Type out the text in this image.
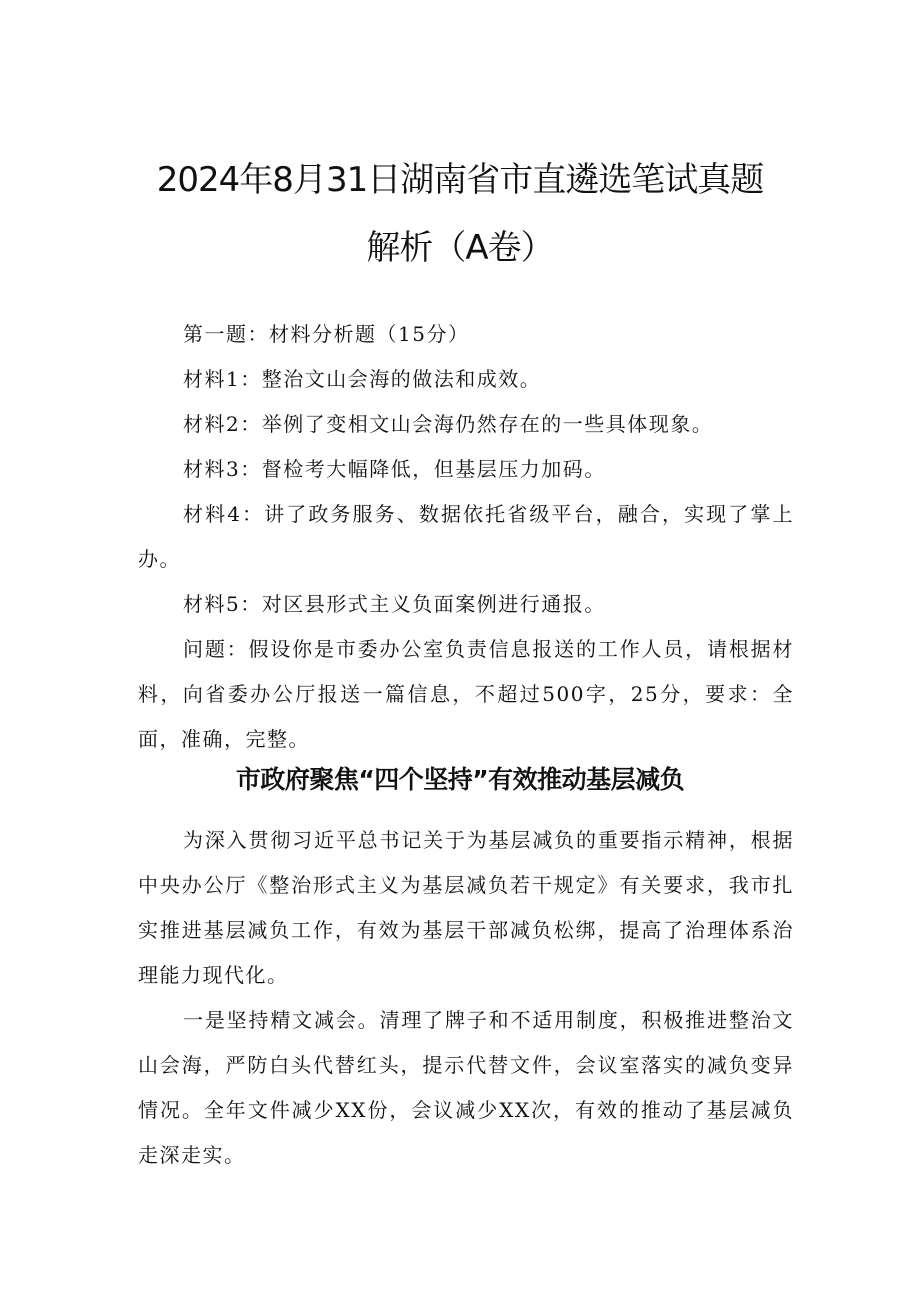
2024年8月31日湖南省市直遴选笔试真题
解析（A卷）

第一题：材料分析题（15分）

材料1：整治文山会海的做法和成效。

材料2：举例了变相文山会海仍然存在的一些具体现象。

材料3：督检考大幅降低，但基层压力加码。

材料4：讲了政务服务、数据依托省级平台，融合，实现了掌上办。

材料5：对区县形式主义负面案例进行通报。

问题：假设你是市委办公室负责信息报送的工作人员，请根据材料，向省委办公厅报送一篇信息，不超过500字，25分，要求：全面，准确，完整。

市政府聚焦“四个坚持”有效推动基层减负

为深入贯彻习近平总书记关于为基层减负的重要指示精神，根据中央办公厅《整治形式主义为基层减负若干规定》有关要求，我市扎实推进基层减负工作，有效为基层干部减负松绑，提高了治理体系治理能力现代化。

一是坚持精文减会。清理了牌子和不适用制度，积极推进整治文山会海，严防白头代替红头，提示代替文件，会议室落实的减负变异情况。全年文件减少XX份，会议减少XX次，有效的推动了基层减负走深走实。
